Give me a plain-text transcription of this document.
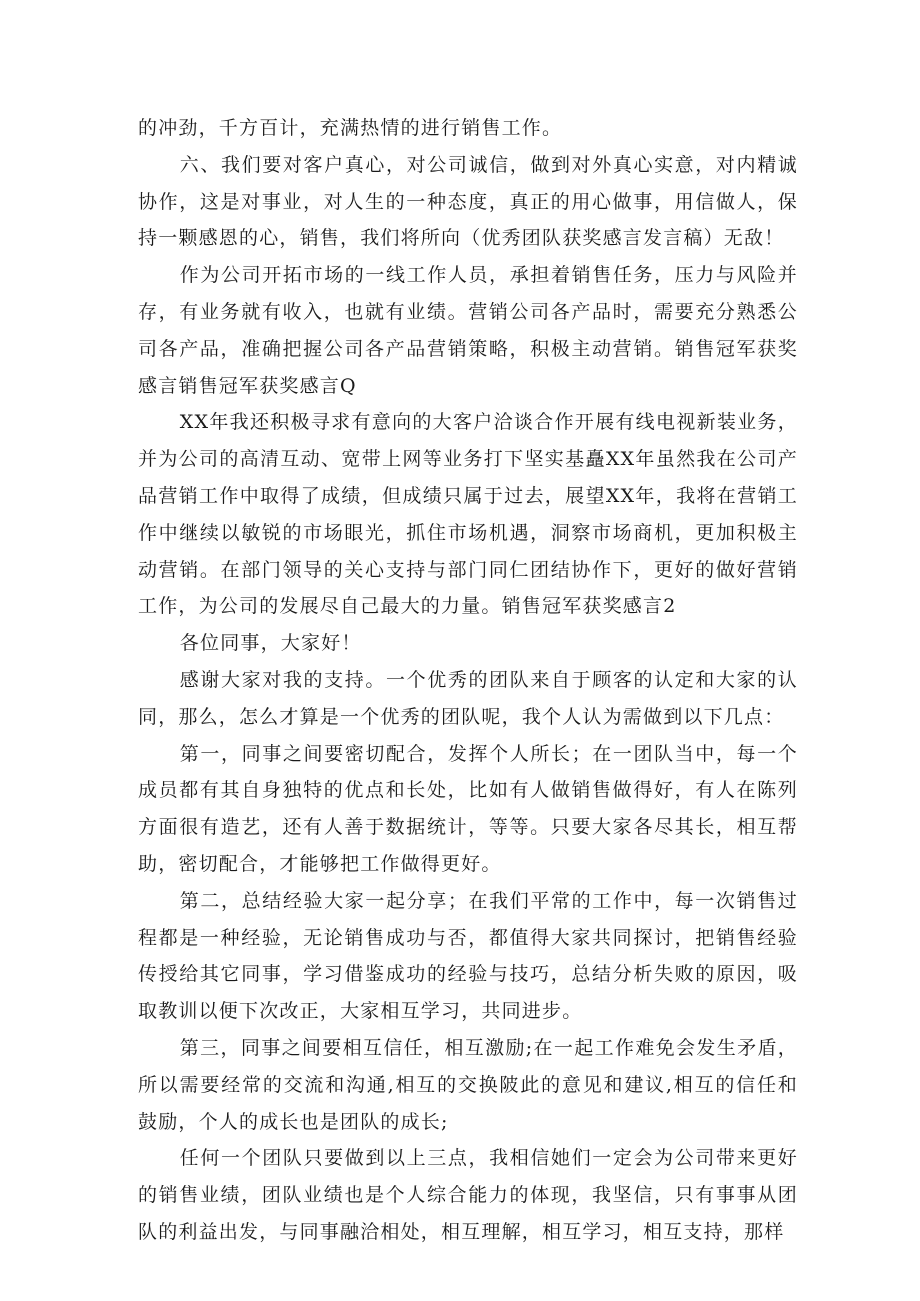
的冲劲，千方百计，充满热情的进行销售工作。

六、我们要对客户真心，对公司诚信，做到对外真心实意，对内精诚协作，这是对事业，对人生的一种态度，真正的用心做事，用信做人，保持一颗感恩的心，销售，我们将所向（优秀团队获奖感言发言稿）无敌！

作为公司开拓市场的一线工作人员，承担着销售任务，压力与风险并存，有业务就有收入，也就有业绩。营销公司各产品时，需要充分熟悉公司各产品，准确把握公司各产品营销策略，积极主动营销。销售冠军获奖感言销售冠军获奖感言Q

XX年我还积极寻求有意向的大客户洽谈合作开展有线电视新装业务，并为公司的高清互动、宽带上网等业务打下坚实基矗XX年虽然我在公司产品营销工作中取得了成绩，但成绩只属于过去，展望XX年，我将在营销工作中继续以敏锐的市场眼光，抓住市场机遇，洞察市场商机，更加积极主动营销。在部门领导的关心支持与部门同仁团结协作下，更好的做好营销工作，为公司的发展尽自己最大的力量。销售冠军获奖感言2

各位同事，大家好！

感谢大家对我的支持。一个优秀的团队来自于顾客的认定和大家的认同，那么，怎么才算是一个优秀的团队呢，我个人认为需做到以下几点：

第一，同事之间要密切配合，发挥个人所长；在一团队当中，每一个成员都有其自身独特的优点和长处，比如有人做销售做得好，有人在陈列方面很有造艺，还有人善于数据统计，等等。只要大家各尽其长，相互帮助，密切配合，才能够把工作做得更好。

第二，总结经验大家一起分享；在我们平常的工作中，每一次销售过程都是一种经验，无论销售成功与否，都值得大家共同探讨，把销售经验传授给其它同事，学习借鉴成功的经验与技巧，总结分析失败的原因，吸取教训以便下次改正，大家相互学习，共同进步。

第三，同事之间要相互信任，相互激励;在一起工作难免会发生矛盾，所以需要经常的交流和沟通,相互的交换陂此的意见和建议,相互的信任和鼓励，个人的成长也是团队的成长;

任何一个团队只要做到以上三点，我相信她们一定会为公司带来更好的销售业绩，团队业绩也是个人综合能力的体现，我坚信，只有事事从团队的利益出发，与同事融洽相处，相互理解，相互学习，相互支持，那样
